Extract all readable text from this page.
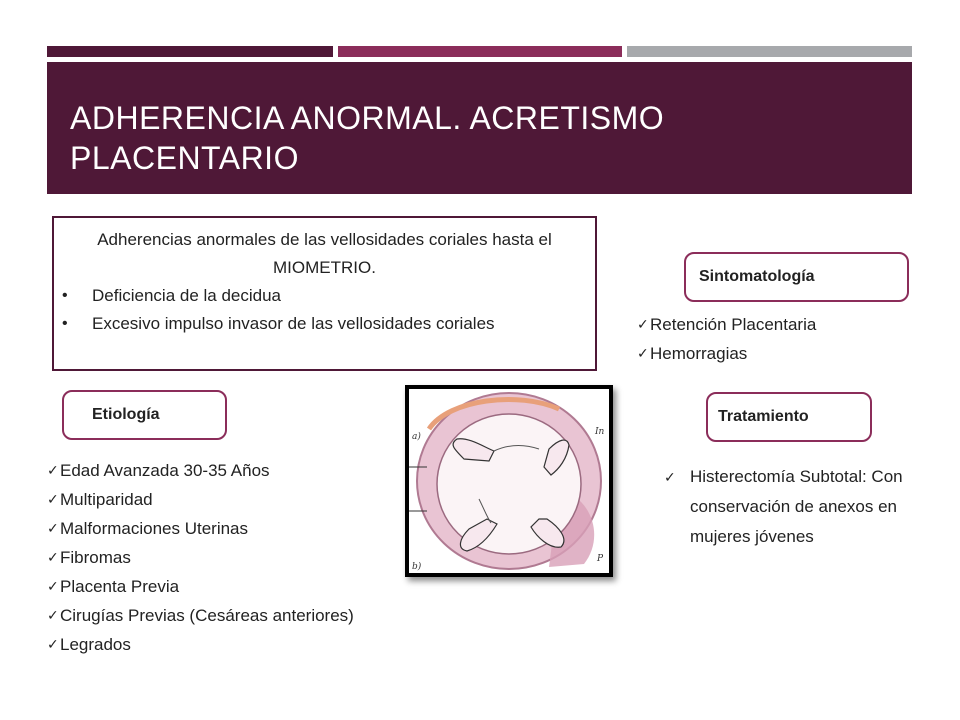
ADHERENCIA ANORMAL. ACRETISMO PLACENTARIO
Adherencias anormales de las vellosidades coriales hasta el MIOMETRIO.
• Deficiencia de la decidua
• Excesivo impulso invasor de las vellosidades coriales
Sintomatología
✓ Retención Placentaria
✓ Hemorragias
Etiología
✓ Edad Avanzada 30-35 Años
✓ Multiparidad
✓ Malformaciones Uterinas
✓ Fibromas
✓ Placenta Previa
✓ Cirugías Previas (Cesáreas anteriores)
✓ Legrados
Tratamiento
✓ Histerectomía Subtotal: Con conservación de anexos en mujeres jóvenes
a)
b)
In
P
